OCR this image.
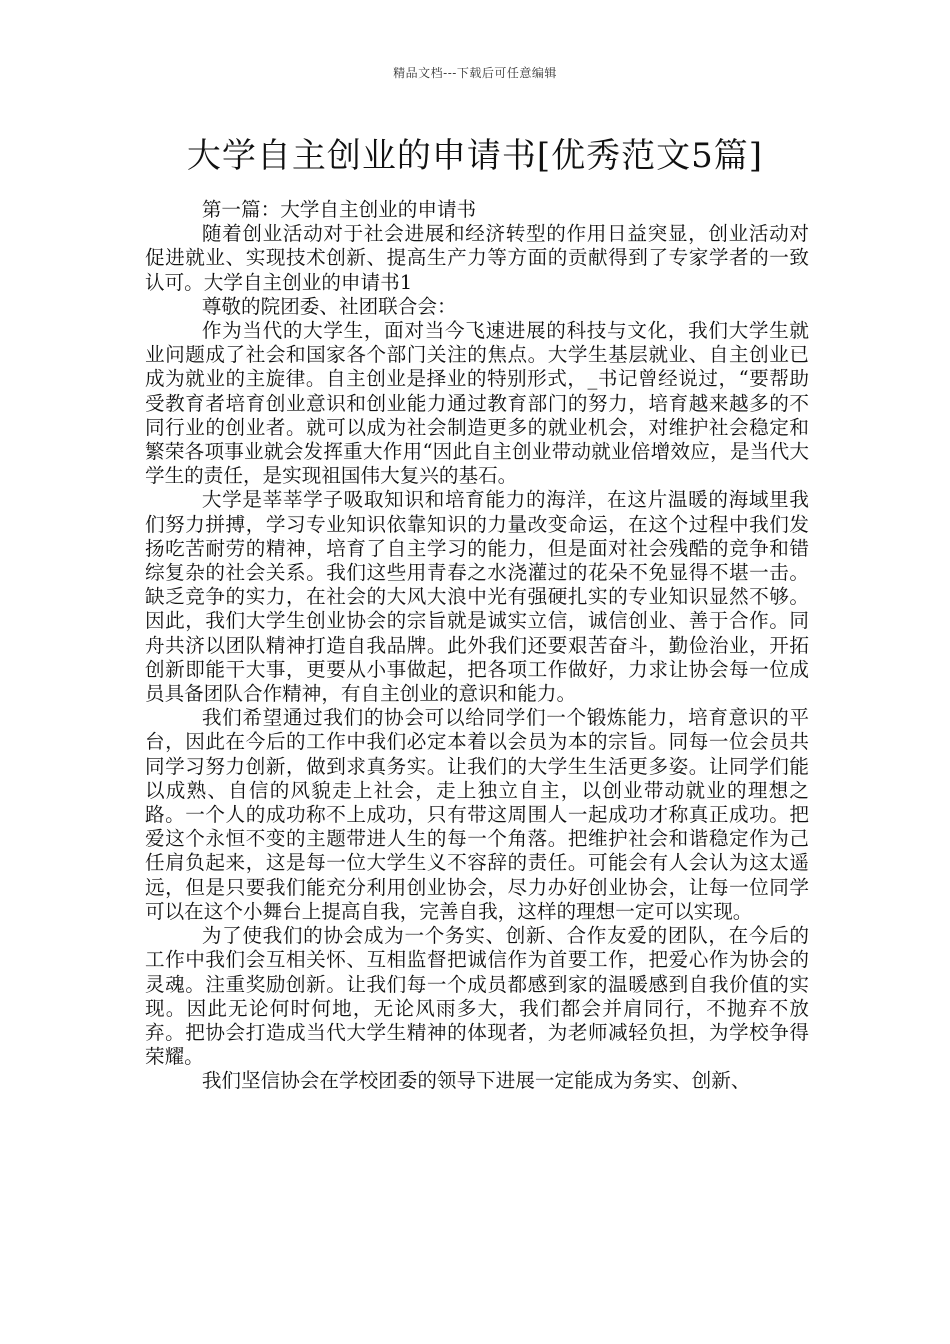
精品文档---下载后可任意编辑
大学自主创业的申请书[优秀范文5篇]

第一篇：大学自主创业的申请书

随着创业活动对于社会进展和经济转型的作用日益突显，创业活动对促进就业、实现技术创新、提高生产力等方面的贡献得到了专家学者的一致认可。大学自主创业的申请书1

尊敬的院团委、社团联合会：

作为当代的大学生，面对当今飞速进展的科技与文化，我们大学生就业问题成了社会和国家各个部门关注的焦点。大学生基层就业、自主创业已成为就业的主旋律。自主创业是择业的特别形式，_书记曾经说过，“要帮助受教育者培育创业意识和创业能力通过教育部门的努力，培育越来越多的不同行业的创业者。就可以成为社会制造更多的就业机会，对维护社会稳定和繁荣各项事业就会发挥重大作用“因此自主创业带动就业倍增效应，是当代大学生的责任，是实现祖国伟大复兴的基石。

大学是莘莘学子吸取知识和培育能力的海洋，在这片温暖的海域里我们努力拼搏，学习专业知识依靠知识的力量改变命运，在这个过程中我们发扬吃苦耐劳的精神，培育了自主学习的能力，但是面对社会残酷的竞争和错综复杂的社会关系。我们这些用青春之水浇灌过的花朵不免显得不堪一击。缺乏竞争的实力，在社会的大风大浪中光有强硬扎实的专业知识显然不够。因此，我们大学生创业协会的宗旨就是诚实立信，诚信创业、善于合作。同舟共济以团队精神打造自我品牌。此外我们还要艰苦奋斗，勤俭治业，开拓创新即能干大事，更要从小事做起，把各项工作做好，力求让协会每一位成员具备团队合作精神，有自主创业的意识和能力。

我们希望通过我们的协会可以给同学们一个锻炼能力，培育意识的平台，因此在今后的工作中我们必定本着以会员为本的宗旨。同每一位会员共同学习努力创新，做到求真务实。让我们的大学生生活更多姿。让同学们能以成熟、自信的风貌走上社会，走上独立自主，以创业带动就业的理想之路。一个人的成功称不上成功，只有带这周围人一起成功才称真正成功。把爱这个永恒不变的主题带进人生的每一个角落。把维护社会和谐稳定作为己任肩负起来，这是每一位大学生义不容辞的责任。可能会有人会认为这太遥远，但是只要我们能充分利用创业协会，尽力办好创业协会，让每一位同学可以在这个小舞台上提高自我，完善自我，这样的理想一定可以实现。

为了使我们的协会成为一个务实、创新、合作友爱的团队，在今后的工作中我们会互相关怀、互相监督把诚信作为首要工作，把爱心作为协会的灵魂。注重奖励创新。让我们每一个成员都感到家的温暖感到自我价值的实现。因此无论何时何地，无论风雨多大，我们都会并肩同行，不抛弃不放弃。把协会打造成当代大学生精神的体现者，为老师减轻负担，为学校争得荣耀。

我们坚信协会在学校团委的领导下进展一定能成为务实、创新、
